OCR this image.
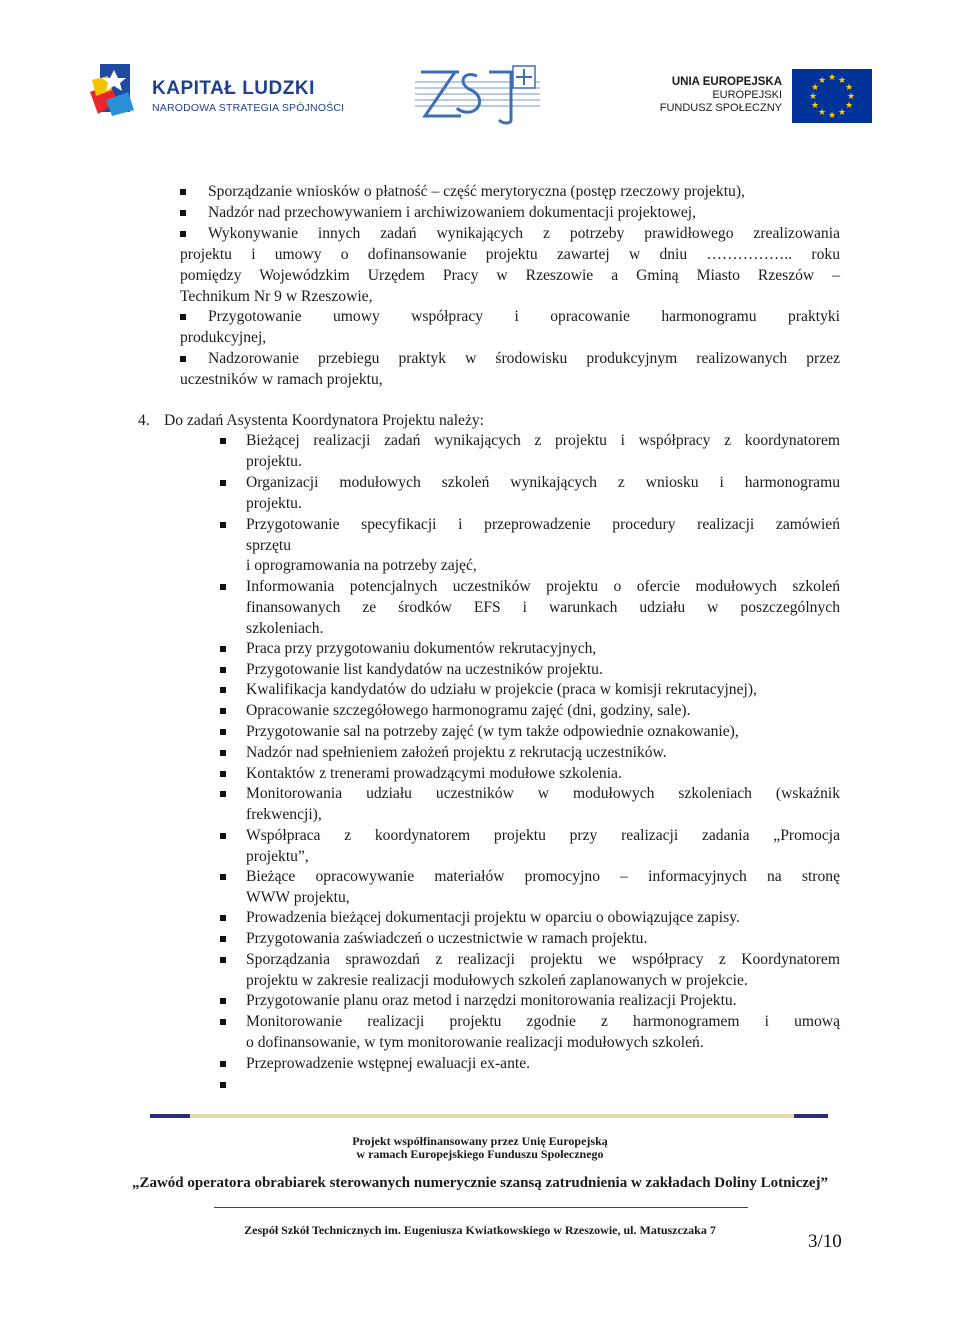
KAPITAŁ LUDZKI
NARODOWA STRATEGIA SPÓJNOŚCI
UNIA EUROPEJSKA
EUROPEJSKI
FUNDUSZ SPOŁECZNY
★ ★
★
★
★
★
★
★
★
★
★
★
Sporządzanie wniosków o płatność – część merytoryczna (postęp rzeczowy projektu),
Nadzór nad przechowywaniem i archiwizowaniem dokumentacji projektowej,
Wykonywanie innych zadań wynikających z potrzeby prawidłowego zrealizowania
projektu i umowy o dofinansowanie projektu zawartej w dniu …………….. roku
pomiędzy Wojewódzkim Urzędem Pracy w Rzeszowie a Gminą Miasto Rzeszów –
Technikum Nr 9 w Rzeszowie,
Przygotowanie umowy współpracy i opracowanie harmonogramu praktyki
produkcyjnej,
Nadzorowanie przebiegu praktyk w środowisku produkcyjnym realizowanych przez
uczestników w ramach projektu,
4. Do zadań Asystenta Koordynatora Projektu należy:
Bieżącej realizacji zadań wynikających z projektu i współpracy z koordynatorem
projektu.
Organizacji modułowych szkoleń wynikających z wniosku i harmonogramu
projektu.
Przygotowanie specyfikacji i przeprowadzenie procedury realizacji zamówień
sprzętu
i oprogramowania na potrzeby zajęć,
Informowania potencjalnych uczestników projektu o ofercie modułowych szkoleń
finansowanych ze środków EFS i warunkach udziału w poszczególnych
szkoleniach.
Praca przy przygotowaniu dokumentów rekrutacyjnych,
Przygotowanie list kandydatów na uczestników projektu.
Kwalifikacja kandydatów do udziału w projekcie (praca w komisji rekrutacyjnej),
Opracowanie szczegółowego harmonogramu zajęć (dni, godziny, sale).
Przygotowanie sal na potrzeby zajęć (w tym także odpowiednie oznakowanie),
Nadzór nad spełnieniem założeń projektu z rekrutacją uczestników.
Kontaktów z trenerami prowadzącymi modułowe szkolenia.
Monitorowania udziału uczestników w modułowych szkoleniach (wskaźnik
frekwencji),
Współpraca z koordynatorem projektu przy realizacji zadania „Promocja
projektu”,
Bieżące opracowywanie materiałów promocyjno – informacyjnych na stronę
WWW projektu,
Prowadzenia bieżącej dokumentacji projektu w oparciu o obowiązujące zapisy.
Przygotowania zaświadczeń o uczestnictwie w ramach projektu.
Sporządzania sprawozdań z realizacji projektu we współpracy z Koordynatorem
projektu w zakresie realizacji modułowych szkoleń zaplanowanych w projekcie.
Przygotowanie planu oraz metod i narzędzi monitorowania realizacji Projektu.
Monitorowanie realizacji projektu zgodnie z harmonogramem i umową
o dofinansowanie, w tym monitorowanie realizacji modułowych szkoleń.
Przeprowadzenie wstępnej ewaluacji ex-ante.
Projekt współfinansowany przez Unię Europejską
w ramach Europejskiego Funduszu Społecznego
„Zawód operatora obrabiarek sterowanych numerycznie szansą zatrudnienia w zakładach Doliny Lotniczej”
Zespół Szkół Technicznych im. Eugeniusza Kwiatkowskiego w Rzeszowie, ul. Matuszczaka 7
3/10
